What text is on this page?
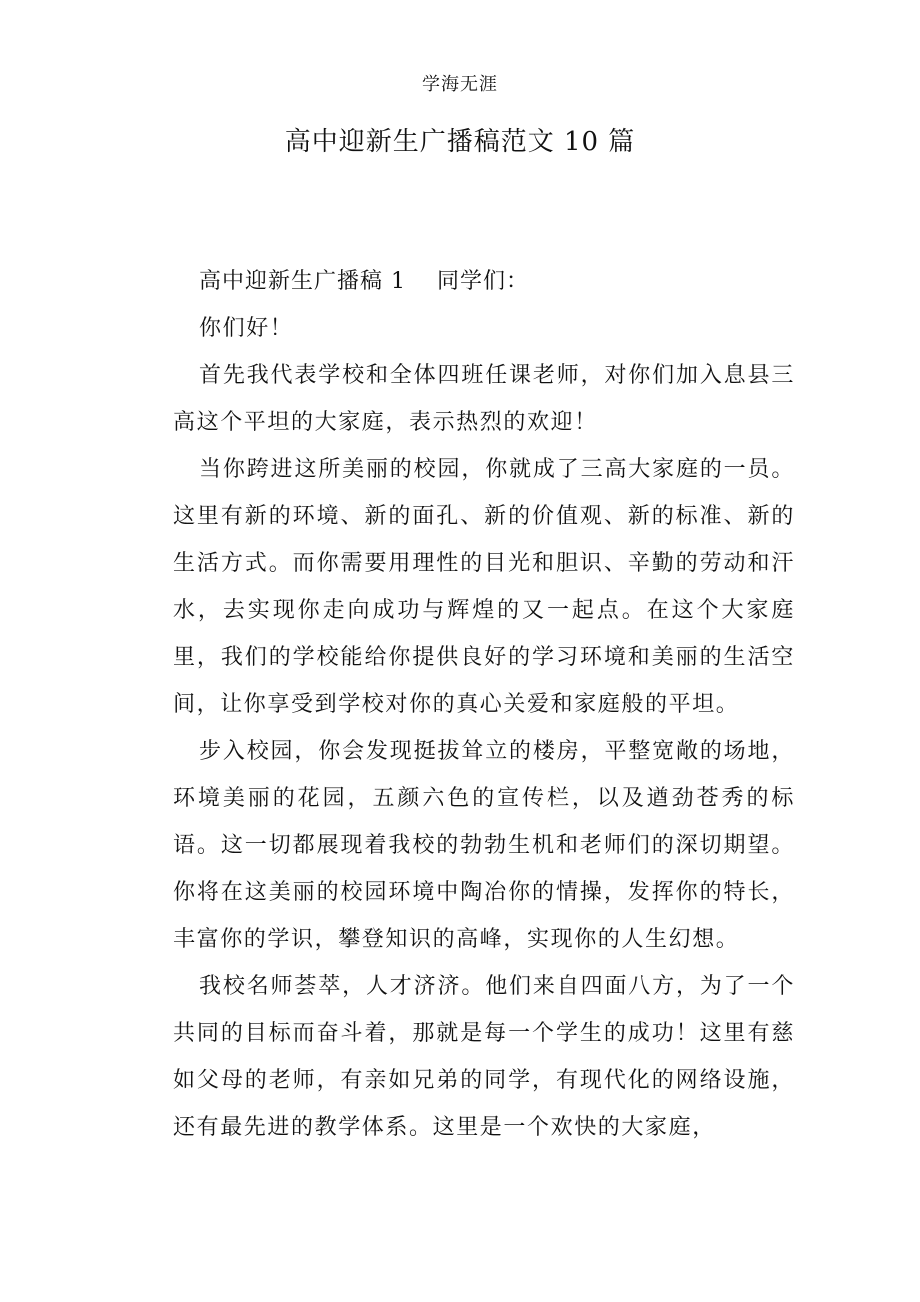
学海无涯
高中迎新生广播稿范文 10 篇

高中迎新生广播稿 1　 同学们：

你们好！

首先我代表学校和全体四班任课老师，对你们加入息县三高这个平坦的大家庭，表示热烈的欢迎！

当你跨进这所美丽的校园，你就成了三高大家庭的一员。这里有新的环境、新的面孔、新的价值观、新的标准、新的生活方式。而你需要用理性的目光和胆识、辛勤的劳动和汗水，去实现你走向成功与辉煌的又一起点。在这个大家庭里，我们的学校能给你提供良好的学习环境和美丽的生活空间，让你享受到学校对你的真心关爱和家庭般的平坦。

步入校园，你会发现挺拔耸立的楼房，平整宽敞的场地，环境美丽的花园，五颜六色的宣传栏，以及遒劲苍秀的标语。这一切都展现着我校的勃勃生机和老师们的深切期望。你将在这美丽的校园环境中陶冶你的情操，发挥你的特长，丰富你的学识，攀登知识的高峰，实现你的人生幻想。

我校名师荟萃，人才济济。他们来自四面八方，为了一个共同的目标而奋斗着，那就是每一个学生的成功！这里有慈如父母的老师，有亲如兄弟的同学，有现代化的网络设施，还有最先进的教学体系。这里是一个欢快的大家庭，
